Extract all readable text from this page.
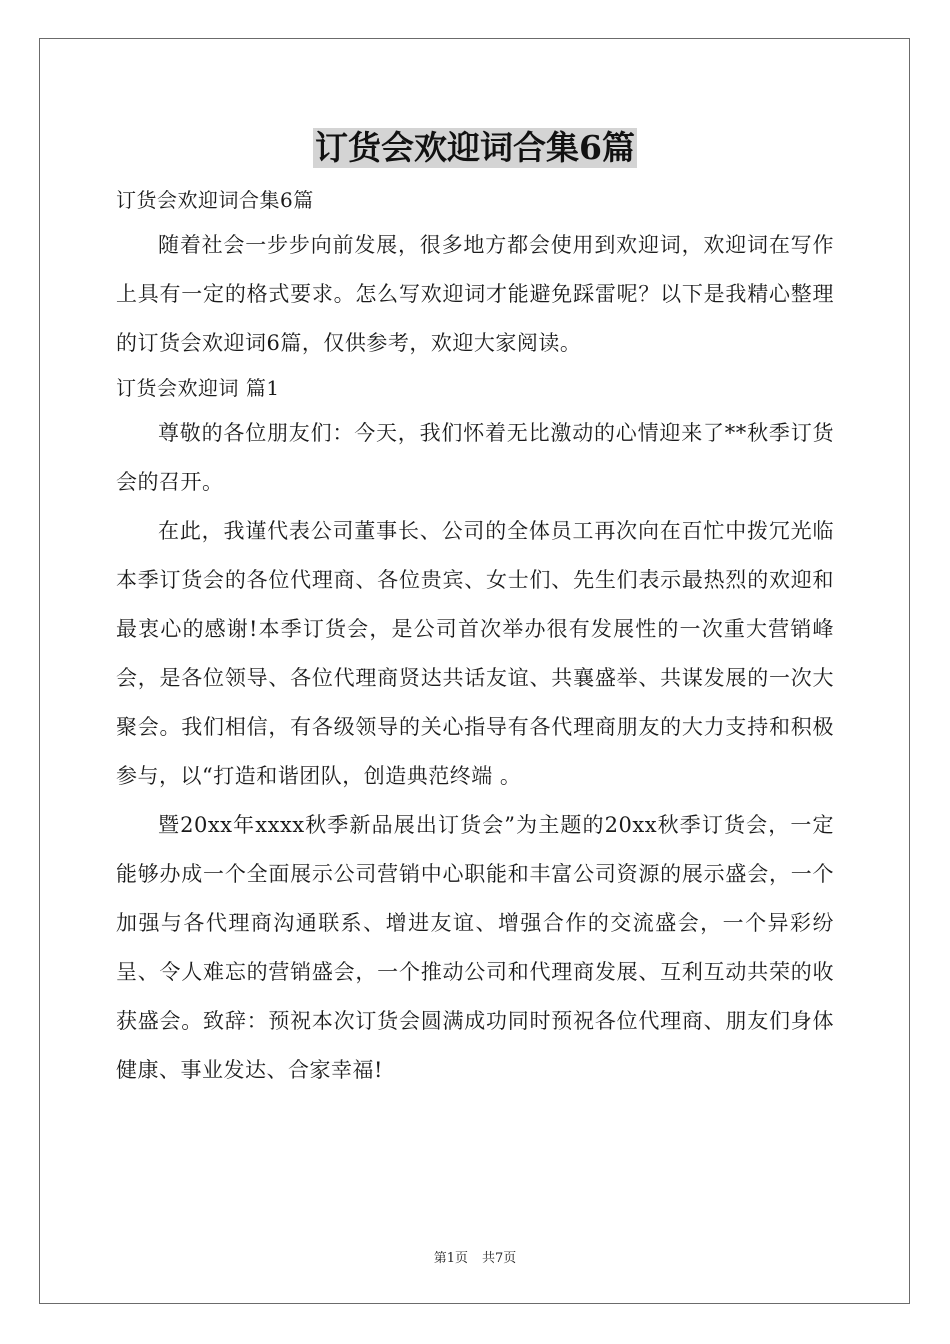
订货会欢迎词合集6篇

订货会欢迎词合集6篇

随着社会一步步向前发展，很多地方都会使用到欢迎词，欢迎词在写作上具有一定的格式要求。怎么写欢迎词才能避免踩雷呢？以下是我精心整理的订货会欢迎词6篇，仅供参考，欢迎大家阅读。

订货会欢迎词 篇1

尊敬的各位朋友们：今天，我们怀着无比激动的心情迎来了**秋季订货会的召开。

在此，我谨代表公司董事长、公司的全体员工再次向在百忙中拨冗光临本季订货会的各位代理商、各位贵宾、女士们、先生们表示最热烈的欢迎和最衷心的感谢!本季订货会，是公司首次举办很有发展性的一次重大营销峰会，是各位领导、各位代理商贤达共话友谊、共襄盛举、共谋发展的一次大聚会。我们相信，有各级领导的关心指导有各代理商朋友的大力支持和积极参与，以“打造和谐团队，创造典范终端 。

暨20xx年xxxx秋季新品展出订货会”为主题的20xx秋季订货会，一定能够办成一个全面展示公司营销中心职能和丰富公司资源的展示盛会，一个加强与各代理商沟通联系、增进友谊、增强合作的交流盛会，一个异彩纷呈、令人难忘的营销盛会，一个推动公司和代理商发展、互利互动共荣的收获盛会。致辞：预祝本次订货会圆满成功同时预祝各位代理商、朋友们身体健康、事业发达、合家幸福!

第1页 共7页
